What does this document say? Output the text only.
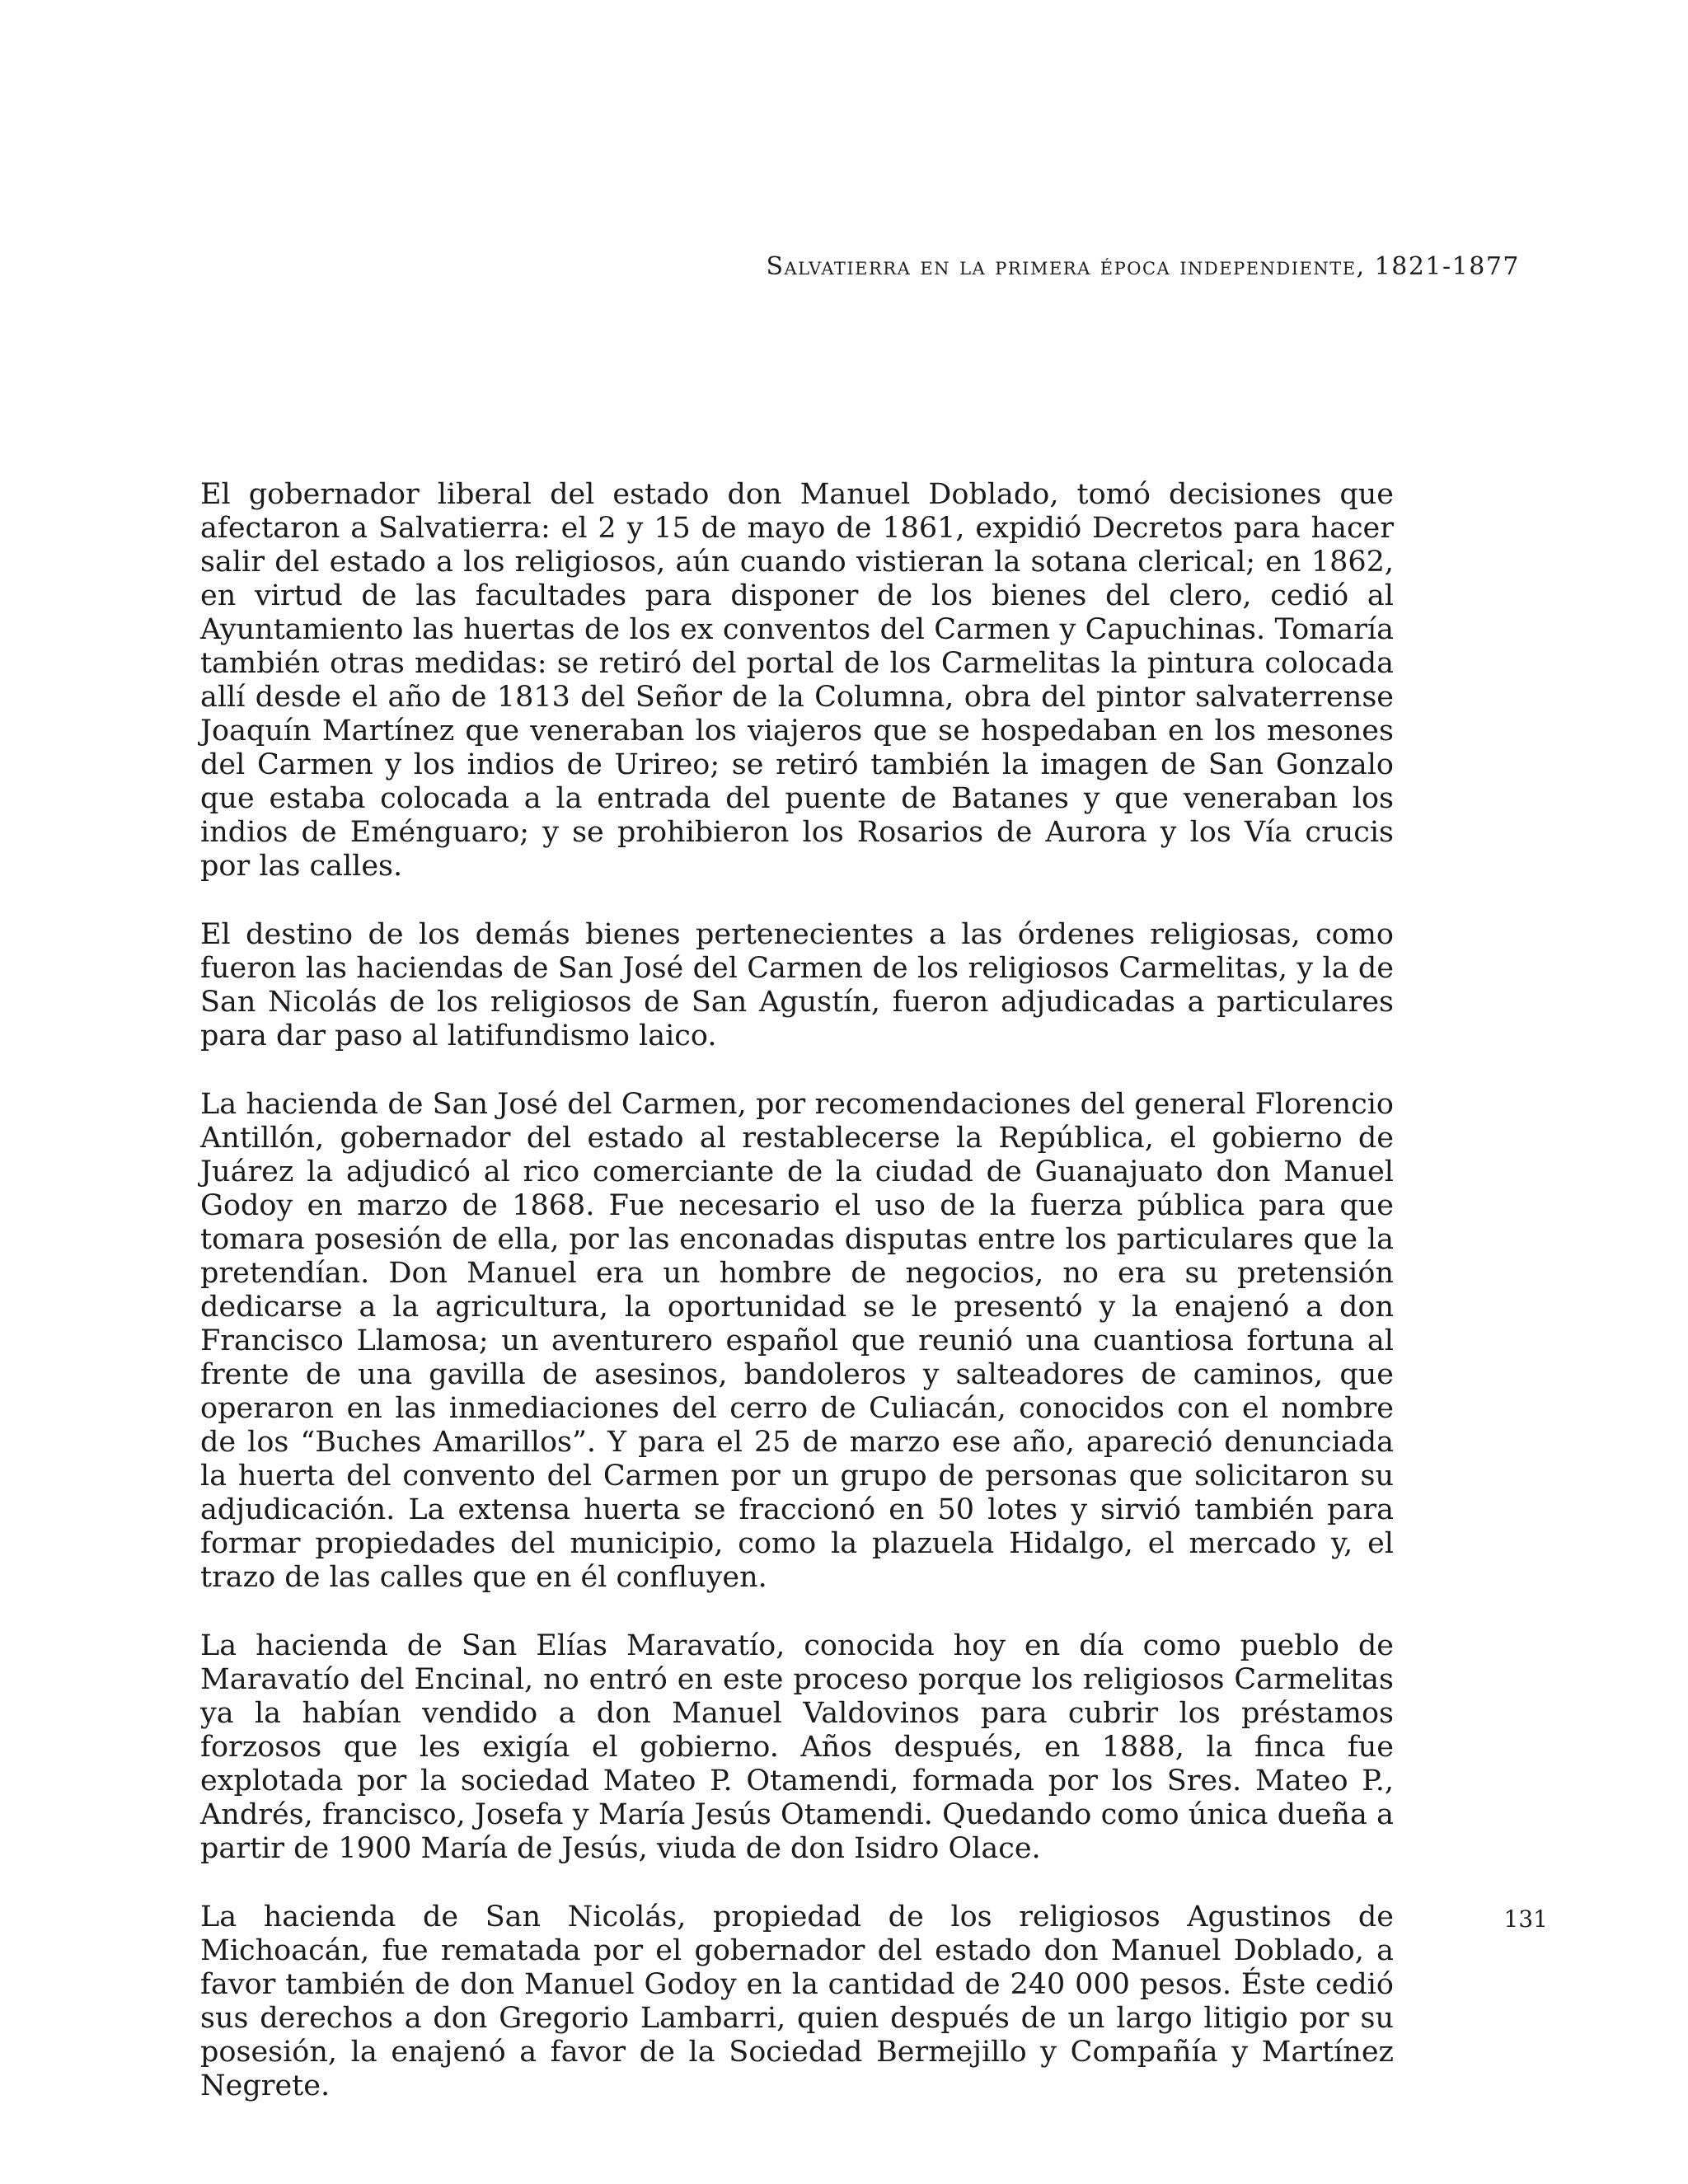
Salvatierra en la primera época independiente, 1821-1877

El gobernador liberal del estado don Manuel Doblado, tomó decisiones que afectaron a Salvatierra: el 2 y 15 de mayo de 1861, expidió Decretos para hacer salir del estado a los religiosos, aún cuando vistieran la sotana clerical; en 1862, en virtud de las facultades para disponer de los bienes del clero, cedió al Ayuntamiento las huertas de los ex conventos del Carmen y Capuchinas. Tomaría también otras medidas: se retiró del portal de los Carmelitas la pintura colocada allí desde el año de 1813 del Señor de la Columna, obra del pintor salvaterrense Joaquín Martínez que veneraban los viajeros que se hospedaban en los mesones del Carmen y los indios de Urireo; se retiró también la imagen de San Gonzalo que estaba colocada a la entrada del puente de Batanes y que veneraban los indios de Eménguaro; y se prohibieron los Rosarios de Aurora y los Vía crucis por las calles.

El destino de los demás bienes pertenecientes a las órdenes religiosas, como fueron las haciendas de San José del Carmen de los religiosos Carmelitas, y la de San Nicolás de los religiosos de San Agustín, fueron adjudicadas a particulares para dar paso al latifundismo laico.

La hacienda de San José del Carmen, por recomendaciones del general Florencio Antillón, gobernador del estado al restablecerse la República, el gobierno de Juárez la adjudicó al rico comerciante de la ciudad de Guanajuato don Manuel Godoy en marzo de 1868. Fue necesario el uso de la fuerza pública para que tomara posesión de ella, por las enconadas disputas entre los particulares que la pretendían. Don Manuel era un hombre de negocios, no era su pretensión dedicarse a la agricultura, la oportunidad se le presentó y la enajenó a don Francisco Llamosa; un aventurero español que reunió una cuantiosa fortuna al frente de una gavilla de asesinos, bandoleros y salteadores de caminos, que operaron en las inmediaciones del cerro de Culiacán, conocidos con el nombre de los “Buches Amarillos”. Y para el 25 de marzo ese año, apareció denunciada la huerta del convento del Carmen por un grupo de personas que solicitaron su adjudicación. La extensa huerta se fraccionó en 50 lotes y sirvió también para formar propiedades del municipio, como la plazuela Hidalgo, el mercado y, el trazo de las calles que en él confluyen.

La hacienda de San Elías Maravatío, conocida hoy en día como pueblo de Maravatío del Encinal, no entró en este proceso porque los religiosos Carmelitas ya la habían vendido a don Manuel Valdovinos para cubrir los préstamos forzosos que les exigía el gobierno. Años después, en 1888, la finca fue explotada por la sociedad Mateo P. Otamendi, formada por los Sres. Mateo P., Andrés, francisco, Josefa y María Jesús Otamendi. Quedando como única dueña a partir de 1900 María de Jesús, viuda de don Isidro Olace.

La hacienda de San Nicolás, propiedad de los religiosos Agustinos de Michoacán, fue rematada por el gobernador del estado don Manuel Doblado, a favor también de don Manuel Godoy en la cantidad de 240 000 pesos. Éste cedió sus derechos a don Gregorio Lambarri, quien después de un largo litigio por su posesión, la enajenó a favor de la Sociedad Bermejillo y Compañía y Martínez Negrete.

131
